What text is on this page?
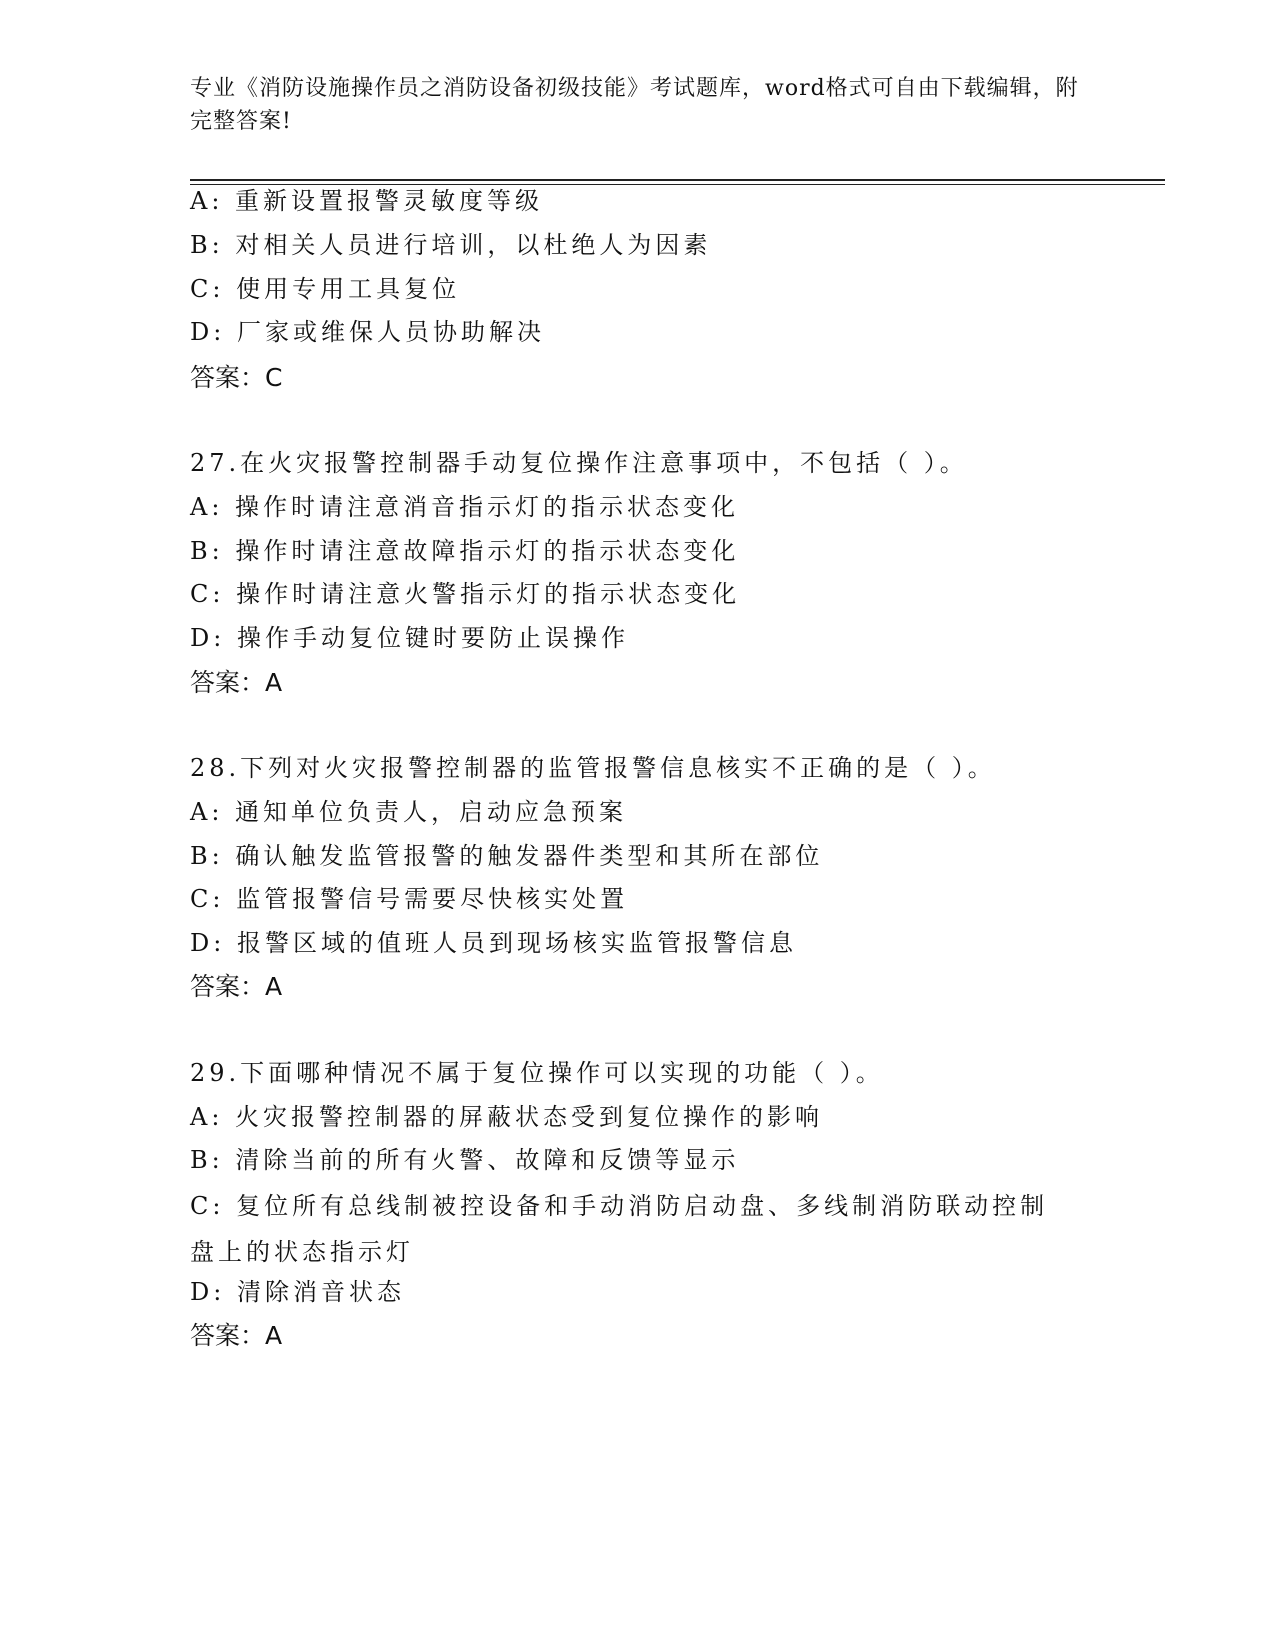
专业《消防设施操作员之消防设备初级技能》考试题库，word格式可自由下载编辑，附完整答案!
A: 重新设置报警灵敏度等级
B: 对相关人员进行培训，以杜绝人为因素
C: 使用专用工具复位
D: 厂家或维保人员协助解决
答案：C
27.在火灾报警控制器手动复位操作注意事项中，不包括（ ）。
A: 操作时请注意消音指示灯的指示状态变化
B: 操作时请注意故障指示灯的指示状态变化
C: 操作时请注意火警指示灯的指示状态变化
D: 操作手动复位键时要防止误操作
答案：A
28.下列对火灾报警控制器的监管报警信息核实不正确的是（ ）。
A: 通知单位负责人，启动应急预案
B: 确认触发监管报警的触发器件类型和其所在部位
C: 监管报警信号需要尽快核实处置
D: 报警区域的值班人员到现场核实监管报警信息
答案：A
29.下面哪种情况不属于复位操作可以实现的功能（ ）。
A: 火灾报警控制器的屏蔽状态受到复位操作的影响
B: 清除当前的所有火警、故障和反馈等显示
C: 复位所有总线制被控设备和手动消防启动盘、多线制消防联动控制盘上的状态指示灯
D: 清除消音状态
答案：A
